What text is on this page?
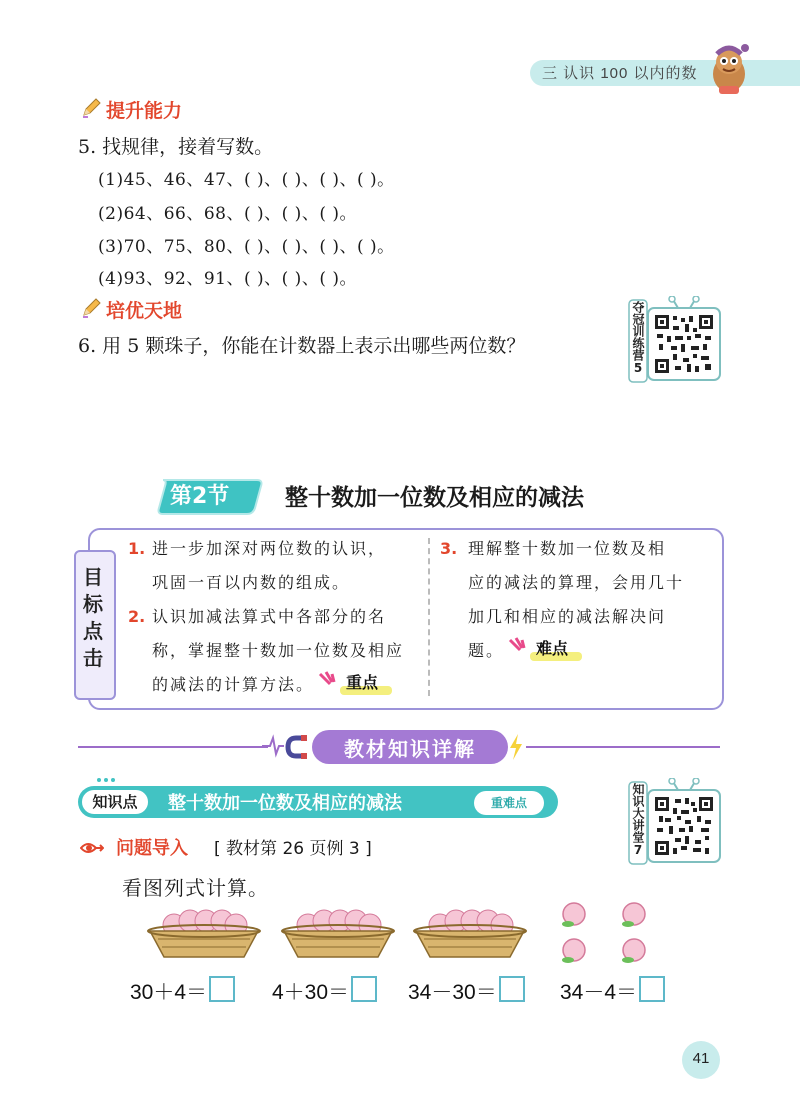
三 认识 100 以内的数
提升能力
5. 找规律，接着写数。
(1)45、46、47、( )、( )、( )、( )。
(2)64、66、68、( )、( )、( )。
(3)70、75、80、( )、( )、( )、( )。
(4)93、92、91、( )、( )、( )。
培优天地
6. 用 5 颗珠子，你能在计数器上表示出哪些两位数？	夺冠训练营5
第2节 整十数加一位数及相应的减法
目标点击
1. 进一步加深对两位数的认识，
巩固一百以内数的组成。
2. 认识加减法算式中各部分的名
称，掌握整十数加一位数及相应
的减法的计算方法。 重点
3. 理解整十数加一位数及相
应的减法的算理，会用几十
加几和相应的减法解决问
题。 难点
教材知识详解
知识点	整十数加一位数及相应的减法	重难点	知识大讲堂7
问题导入 [ 教材第 26 页例 3 ]
看图列式计算。
30＋4＝	4＋30＝	34－30＝	34－4＝
41
